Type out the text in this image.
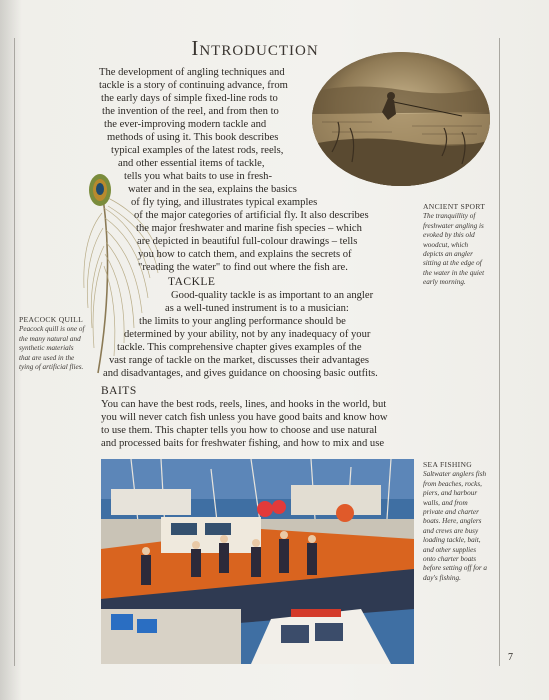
Introduction
The development of angling techniques and
tackle is a story of continuing advance, from
the early days of simple fixed-line rods to
the invention of the reel, and from then to
the ever-improving modern tackle and
methods of using it. This book describes
typical examples of the latest rods, reels,
and other essential items of tackle,
tells you what baits to use in fresh-
water and in the sea, explains the basics
of fly tying, and illustrates typical examples
of the major categories of artificial fly. It also describes
the major freshwater and marine fish species – which
are depicted in beautiful full-colour drawings – tells
you how to catch them, and explains the secrets of
"reading the water" to find out where the fish are.
ANCIENT SPORT
The tranquillity of
freshwater angling is
evoked by this old
woodcut, which
depicts an angler
sitting at the edge of
the water in the quiet
early morning.
TACKLE
Good-quality tackle is as important to an angler
as a well-tuned instrument is to a musician:
the limits to your angling performance should be
determined by your ability, not by any inadequacy of your
tackle. This comprehensive chapter gives examples of the
vast range of tackle on the market, discusses their advantages
and disadvantages, and gives guidance on choosing basic outfits.
PEACOCK QUILL
Peacock quill is one of
the many natural and
synthetic materials
that are used in the
tying of artificial flies.
BAITS
You can have the best rods, reels, lines, and hooks in the world, but
you will never catch fish unless you have good baits and know how
to use them. This chapter tells you how to choose and use natural
and processed baits for freshwater fishing, and how to mix and use
SEA FISHING
Saltwater anglers fish
from beaches, rocks,
piers, and harbour
walls, and from
private and charter
boats. Here, anglers
and crews are busy
loading tackle, bait,
and other supplies
onto charter boats
before setting off for a
day's fishing.
7
